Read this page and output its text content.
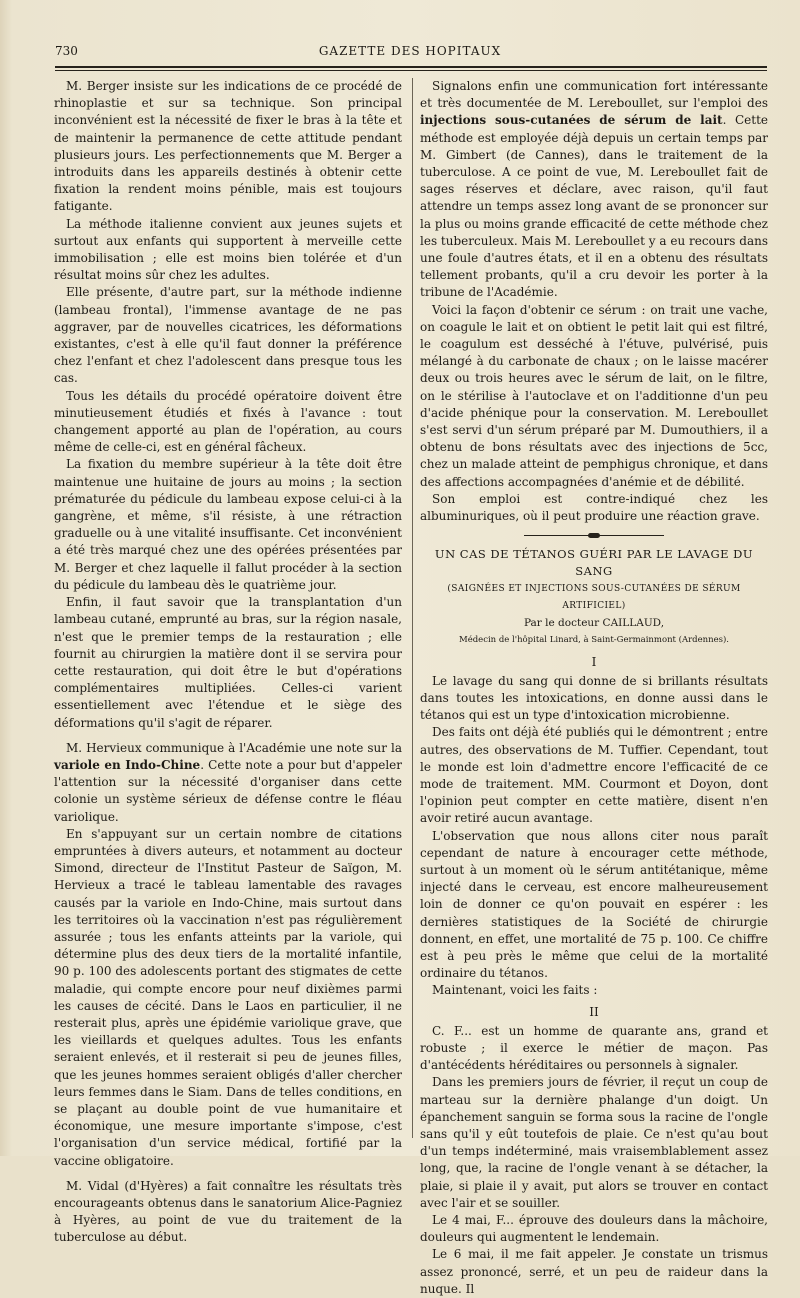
730	GAZETTE DES HOPITAUX

M. Berger insiste sur les indications de ce procédé de rhinoplastie et sur sa technique. Son principal inconvénient est la nécessité de fixer le bras à la tête et de maintenir la permanence de cette attitude pendant plusieurs jours. Les perfectionnements que M. Berger a introduits dans les appareils destinés à obtenir cette fixation la rendent moins pénible, mais est toujours fatigante.

La méthode italienne convient aux jeunes sujets et surtout aux enfants qui supportent à merveille cette immobilisation ; elle est moins bien tolérée et d'un résultat moins sûr chez les adultes.

Elle présente, d'autre part, sur la méthode indienne (lambeau frontal), l'immense avantage de ne pas aggraver, par de nouvelles cicatrices, les déformations existantes, c'est à elle qu'il faut donner la préférence chez l'enfant et chez l'adolescent dans presque tous les cas.

Tous les détails du procédé opératoire doivent être minutieusement étudiés et fixés à l'avance : tout changement apporté au plan de l'opération, au cours même de celle-ci, est en général fâcheux.

La fixation du membre supérieur à la tête doit être maintenue une huitaine de jours au moins ; la section prématurée du pédicule du lambeau expose celui-ci à la gangrène, et même, s'il résiste, à une rétraction graduelle ou à une vitalité insuffisante. Cet inconvénient a été très marqué chez une des opérées présentées par M. Berger et chez laquelle il fallut procéder à la section du pédicule du lambeau dès le quatrième jour.

Enfin, il faut savoir que la transplantation d'un lambeau cutané, emprunté au bras, sur la région nasale, n'est que le premier temps de la restauration ; elle fournit au chirurgien la matière dont il se servira pour cette restauration, qui doit être le but d'opérations complémentaires multipliées. Celles-ci varient essentiellement avec l'étendue et le siège des déformations qu'il s'agit de réparer.

M. Hervieux communique à l'Académie une note sur la variole en Indo-Chine. Cette note a pour but d'appeler l'attention sur la nécessité d'organiser dans cette colonie un système sérieux de défense contre le fléau variolique.

En s'appuyant sur un certain nombre de citations empruntées à divers auteurs, et notamment au docteur Simond, directeur de l'Institut Pasteur de Saïgon, M. Hervieux a tracé le tableau lamentable des ravages causés par la variole en Indo-Chine, mais surtout dans les territoires où la vaccination n'est pas régulièrement assurée ; tous les enfants atteints par la variole, qui détermine plus des deux tiers de la mortalité infantile, 90 p. 100 des adolescents portant des stigmates de cette maladie, qui compte encore pour neuf dixièmes parmi les causes de cécité. Dans le Laos en particulier, il ne resterait plus, après une épidémie variolique grave, que les vieillards et quelques adultes. Tous les enfants seraient enlevés, et il resterait si peu de jeunes filles, que les jeunes hommes seraient obligés d'aller chercher leurs femmes dans le Siam. Dans de telles conditions, en se plaçant au double point de vue humanitaire et économique, une mesure importante s'impose, c'est l'organisation d'un service médical, fortifié par la vaccine obligatoire.

M. Vidal (d'Hyères) a fait connaître les résultats très encourageants obtenus dans le sanatorium Alice-Pagniez à Hyères, au point de vue du traitement de la tuberculose au début.

Signalons enfin une communication fort intéressante et très documentée de M. Lereboullet, sur l'emploi des injections sous-cutanées de sérum de lait. Cette méthode est employée déjà depuis un certain temps par M. Gimbert (de Cannes), dans le traitement de la tuberculose. A ce point de vue, M. Lereboullet fait de sages réserves et déclare, avec raison, qu'il faut attendre un temps assez long avant de se prononcer sur la plus ou moins grande efficacité de cette méthode chez les tuberculeux. Mais M. Lereboullet y a eu recours dans une foule d'autres états, et il en a obtenu des résultats tellement probants, qu'il a cru devoir les porter à la tribune de l'Académie.

Voici la façon d'obtenir ce sérum : on trait une vache, on coagule le lait et on obtient le petit lait qui est filtré, le coagulum est desséché à l'étuve, pulvérisé, puis mélangé à du carbonate de chaux ; on le laisse macérer deux ou trois heures avec le sérum de lait, on le filtre, on le stérilise à l'autoclave et on l'additionne d'un peu d'acide phénique pour la conservation. M. Lereboullet s'est servi d'un sérum préparé par M. Dumouthiers, il a obtenu de bons résultats avec des injections de 5cc, chez un malade atteint de pemphigus chronique, et dans des affections accompagnées d'anémie et de débilité.

Son emploi est contre-indiqué chez les albuminuriques, où il peut produire une réaction grave.

UN CAS DE TÉTANOS GUÉRI PAR LE LAVAGE DU SANG

(SAIGNÉES ET INJECTIONS SOUS-CUTANÉES DE SÉRUM ARTIFICIEL)

Par le docteur CAILLAUD,

Médecin de l'hôpital Linard, à Saint-Germainmont (Ardennes).

I

Le lavage du sang qui donne de si brillants résultats dans toutes les intoxications, en donne aussi dans le tétanos qui est un type d'intoxication microbienne.

Des faits ont déjà été publiés qui le démontrent ; entre autres, des observations de M. Tuffier. Cependant, tout le monde est loin d'admettre encore l'efficacité de ce mode de traitement. MM. Courmont et Doyon, dont l'opinion peut compter en cette matière, disent n'en avoir retiré aucun avantage.

L'observation que nous allons citer nous paraît cependant de nature à encourager cette méthode, surtout à un moment où le sérum antitétanique, même injecté dans le cerveau, est encore malheureusement loin de donner ce qu'on pouvait en espérer : les dernières statistiques de la Société de chirurgie donnent, en effet, une mortalité de 75 p. 100. Ce chiffre est à peu près le même que celui de la mortalité ordinaire du tétanos.

Maintenant, voici les faits :

II

C. F... est un homme de quarante ans, grand et robuste ; il exerce le métier de maçon. Pas d'antécédents héréditaires ou personnels à signaler.

Dans les premiers jours de février, il reçut un coup de marteau sur la dernière phalange d'un doigt. Un épanchement sanguin se forma sous la racine de l'ongle sans qu'il y eût toutefois de plaie. Ce n'est qu'au bout d'un temps indéterminé, mais vraisemblablement assez long, que, la racine de l'ongle venant à se détacher, la plaie, si plaie il y avait, put alors se trouver en contact avec l'air et se souiller.

Le 4 mai, F... éprouve des douleurs dans la mâchoire, douleurs qui augmentent le lendemain.

Le 6 mai, il me fait appeler. Je constate un trismus assez prononcé, serré, et un peu de raideur dans la nuque. Il
